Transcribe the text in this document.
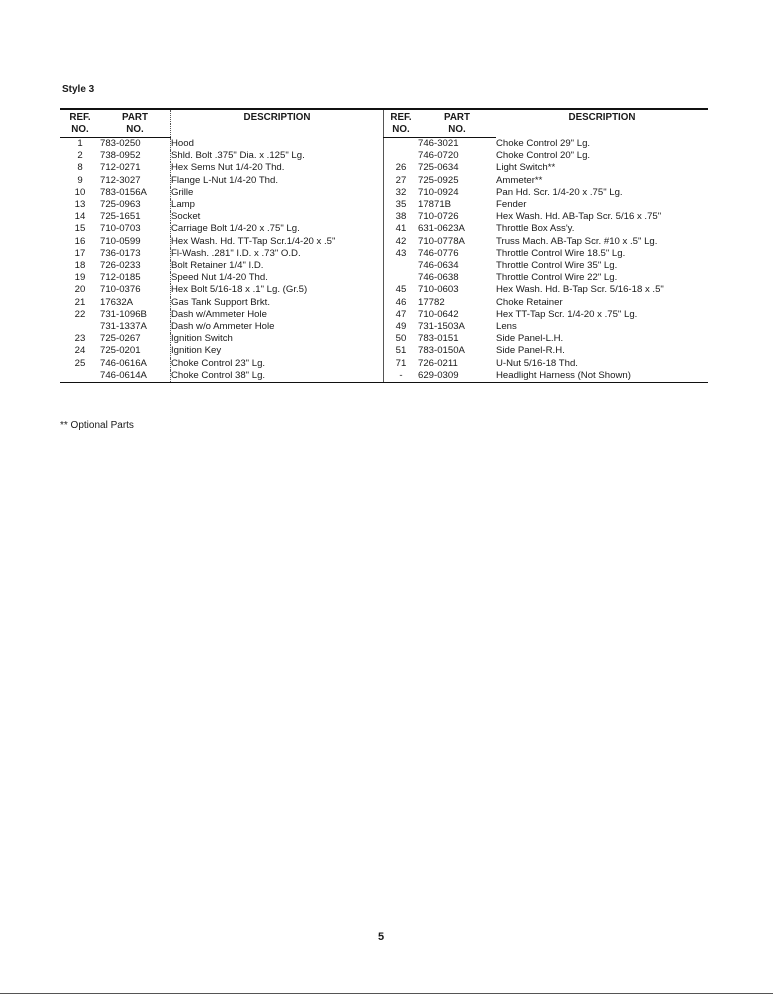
Style 3
REF.	PART	DESCRIPTION	REF.	PART	DESCRIPTION
NO.	NO.		NO.	NO.	
1	783-0250	Hood		746-3021	Choke Control 29" Lg.
2	738-0952	Shld. Bolt .375" Dia. x .125" Lg.		746-0720	Choke Control 20" Lg.
8	712-0271	Hex Sems Nut 1/4-20 Thd.	26	725-0634	Light Switch**
9	712-3027	Flange L-Nut 1/4-20 Thd.	27	725-0925	Ammeter**
10	783-0156A	Grille	32	710-0924	Pan Hd. Scr. 1/4-20 x .75" Lg.
13	725-0963	Lamp	35	17871B	Fender
14	725-1651	Socket	38	710-0726	Hex Wash. Hd. AB-Tap Scr. 5/16 x .75"
15	710-0703	Carriage Bolt 1/4-20 x .75" Lg.	41	631-0623A	Throttle Box Ass'y.
16	710-0599	Hex Wash. Hd. TT-Tap Scr.1/4-20 x .5"	42	710-0778A	Truss Mach. AB-Tap Scr. #10 x .5" Lg.
17	736-0173	Fl-Wash. .281" I.D. x .73" O.D.	43	746-0776	Throttle Control Wire 18.5" Lg.
18	726-0233	Bolt Retainer 1/4" I.D.		746-0634	Throttle Control Wire 35" Lg.
19	712-0185	Speed Nut 1/4-20 Thd.		746-0638	Throttle Control Wire 22" Lg.
20	710-0376	Hex Bolt 5/16-18 x .1" Lg. (Gr.5)	45	710-0603	Hex Wash. Hd. B-Tap Scr. 5/16-18 x .5"
21	17632A	Gas Tank Support Brkt.	46	17782	Choke Retainer
22	731-1096B	Dash w/Ammeter Hole	47	710-0642	Hex TT-Tap Scr. 1/4-20 x .75" Lg.
	731-1337A	Dash w/o Ammeter Hole	49	731-1503A	Lens
23	725-0267	Ignition Switch	50	783-0151	Side Panel-L.H.
24	725-0201	Ignition Key	51	783-0150A	Side Panel-R.H.
25	746-0616A	Choke Control 23" Lg.	71	726-0211	U-Nut 5/16-18 Thd.
	746-0614A	Choke Control 38" Lg.	-	629-0309	Headlight Harness (Not Shown)
** Optional Parts
5
